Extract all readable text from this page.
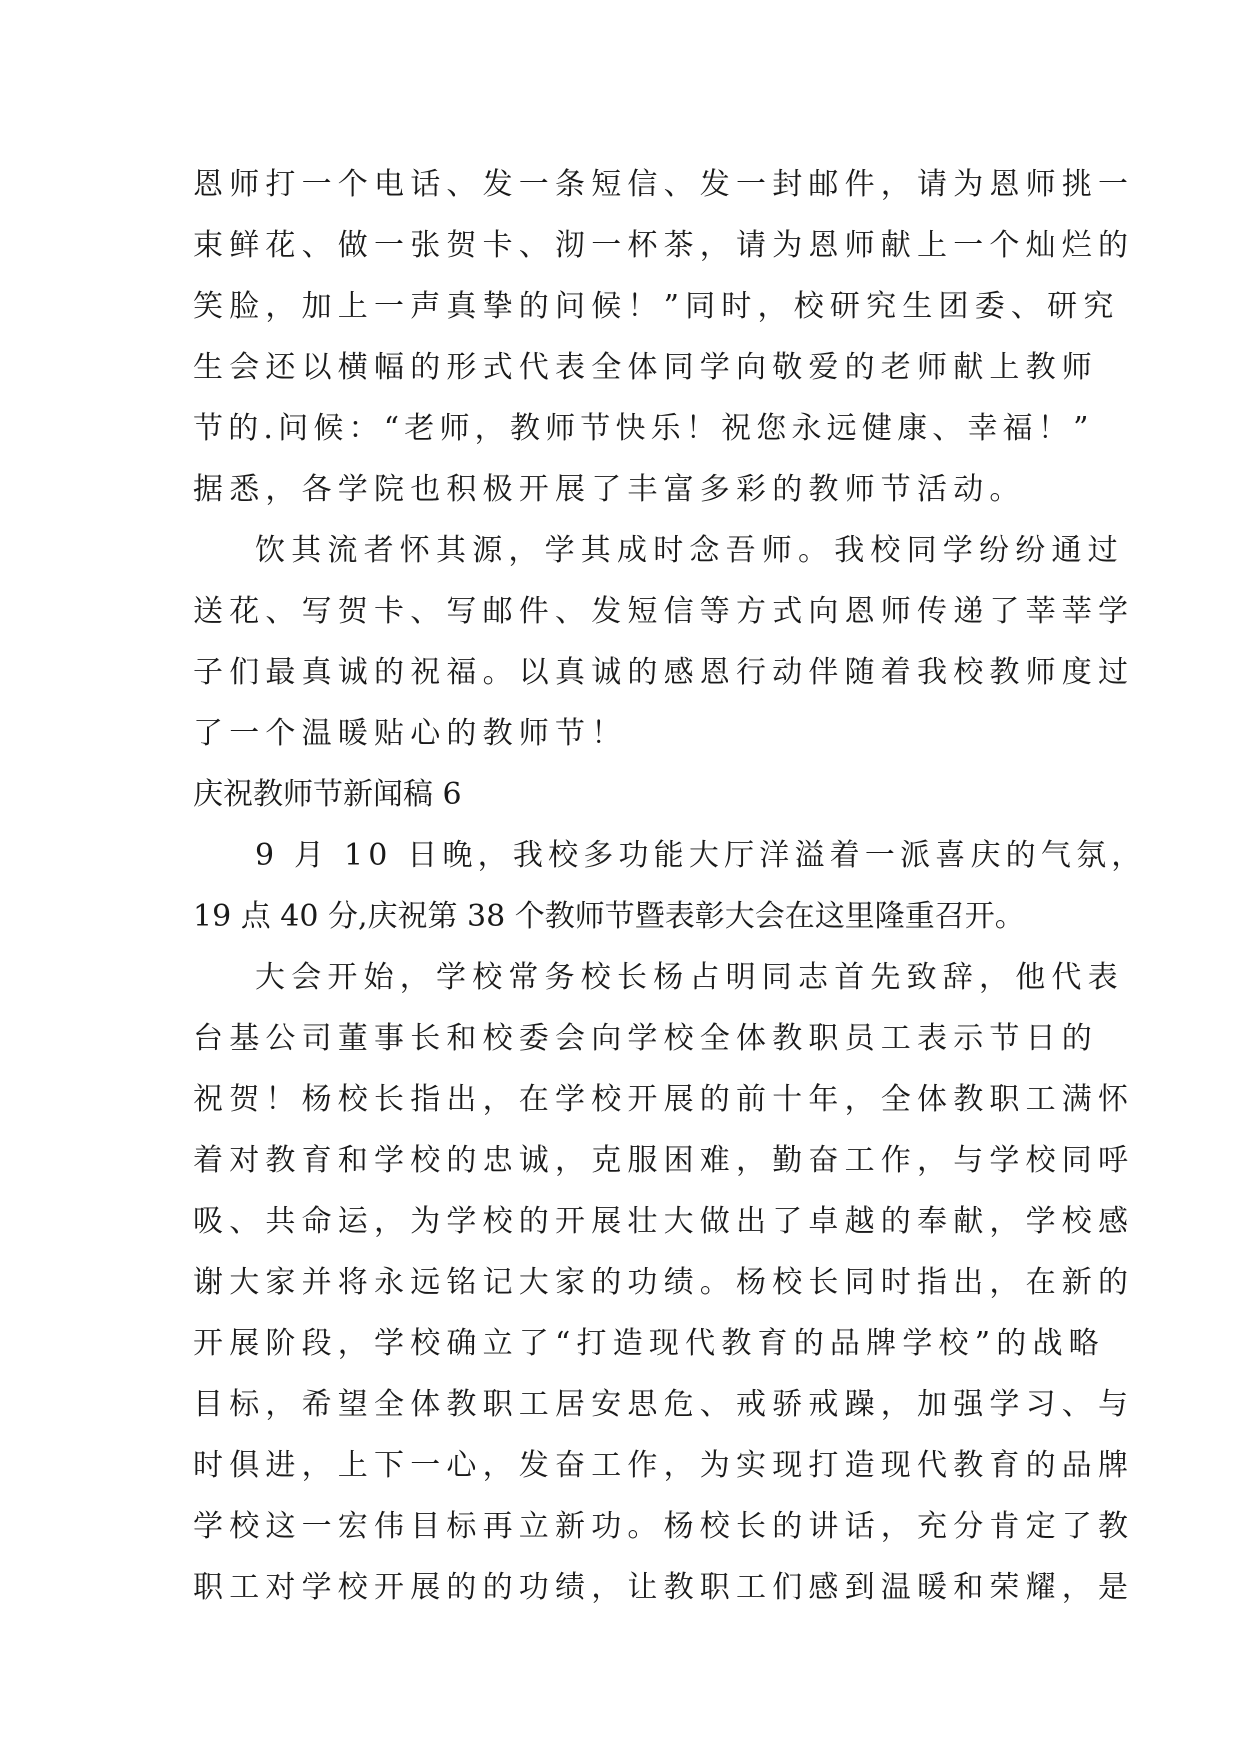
恩师打一个电话、发一条短信、发一封邮件，请为恩师挑一
束鲜花、做一张贺卡、沏一杯茶，请为恩师献上一个灿烂的
笑脸，加上一声真挚的问候！”同时，校研究生团委、研究
生会还以横幅的形式代表全体同学向敬爱的老师献上教师
节的.问候：“老师，教师节快乐！祝您永远健康、幸福！”
据悉，各学院也积极开展了丰富多彩的教师节活动。
饮其流者怀其源，学其成时念吾师。我校同学纷纷通过
送花、写贺卡、写邮件、发短信等方式向恩师传递了莘莘学
子们最真诚的祝福。以真诚的感恩行动伴随着我校教师度过
了一个温暖贴心的教师节！
庆祝教师节新闻稿 6
9 月 10 日晚，我校多功能大厅洋溢着一派喜庆的气氛，
19 点 40 分,庆祝第 38 个教师节暨表彰大会在这里隆重召开。
大会开始，学校常务校长杨占明同志首先致辞，他代表
台基公司董事长和校委会向学校全体教职员工表示节日的
祝贺！杨校长指出，在学校开展的前十年，全体教职工满怀
着对教育和学校的忠诚，克服困难，勤奋工作，与学校同呼
吸、共命运，为学校的开展壮大做出了卓越的奉献，学校感
谢大家并将永远铭记大家的功绩。杨校长同时指出，在新的
开展阶段，学校确立了“打造现代教育的品牌学校”的战略
目标，希望全体教职工居安思危、戒骄戒躁，加强学习、与
时俱进，上下一心，发奋工作，为实现打造现代教育的品牌
学校这一宏伟目标再立新功。杨校长的讲话，充分肯定了教
职工对学校开展的的功绩，让教职工们感到温暖和荣耀，是
